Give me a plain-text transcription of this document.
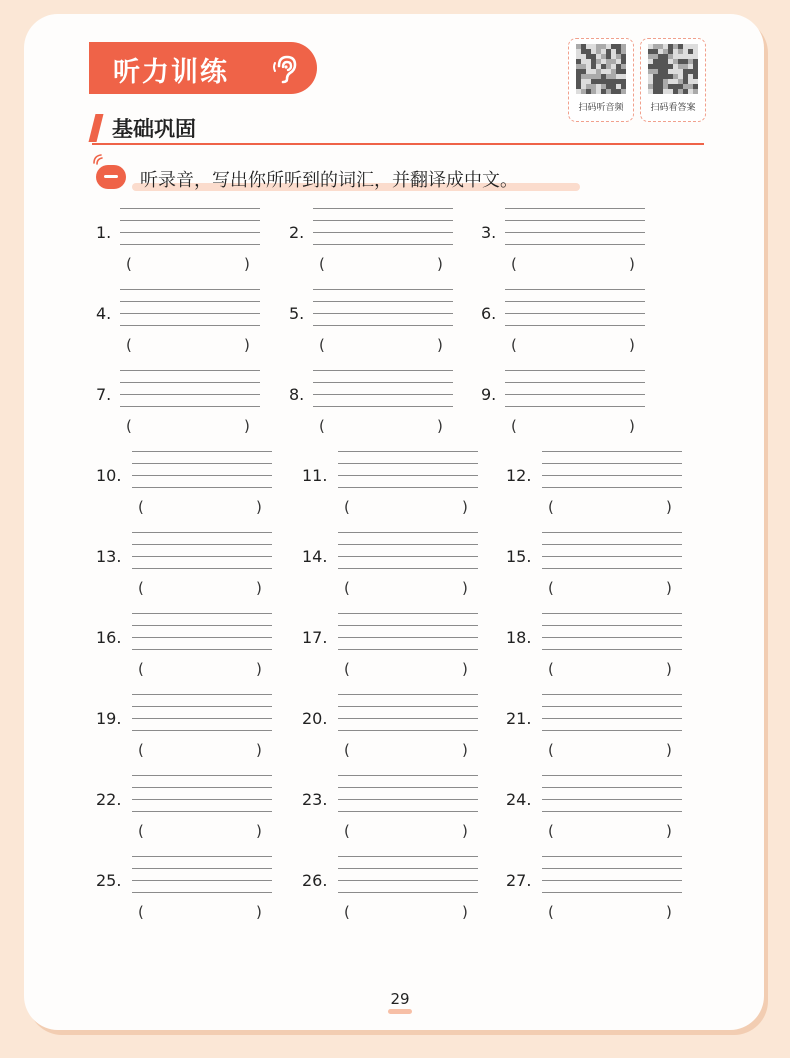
听力训练
扫码听音频	扫码看答案
基础巩固
听录音，写出你所听到的词汇，并翻译成中文。
1.
(	)
2.
(	)
3.
(	)
4.
(	)
5.
(	)
6.
(	)
7.
(	)
8.
(	)
9.
(	)
10.
(	)
11.
(	)
12.
(	)
13.
(	)
14.
(	)
15.
(	)
16.
(	)
17.
(	)
18.
(	)
19.
(	)
20.
(	)
21.
(	)
22.
(	)
23.
(	)
24.
(	)
25.
(	)
26.
(	)
27.
(	)
29
